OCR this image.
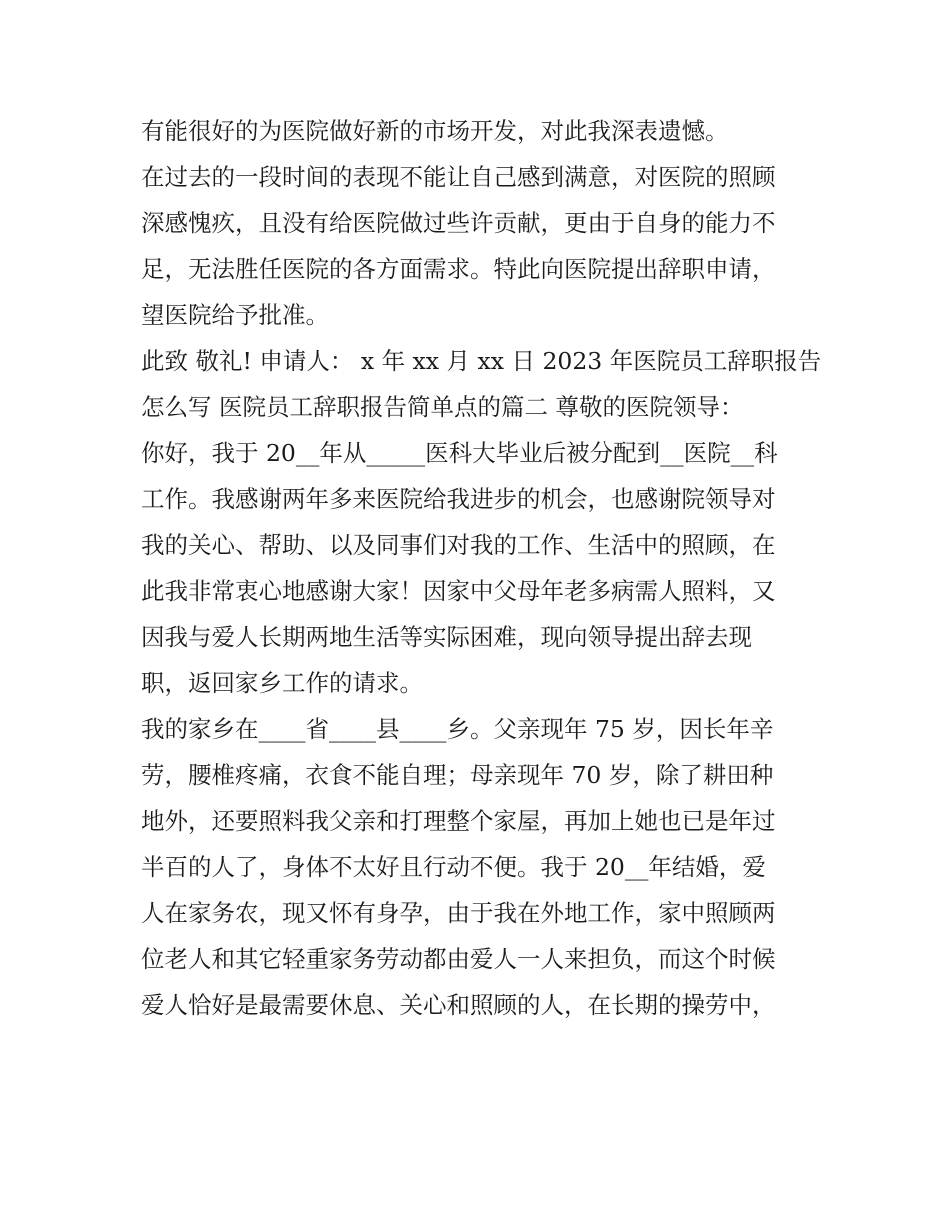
有能很好的为医院做好新的市场开发，对此我深表遗憾。

在过去的一段时间的表现不能让自己感到满意，对医院的照顾
深感愧疚，且没有给医院做过些许贡献，更由于自身的能力不
足，无法胜任医院的各方面需求。特此向医院提出辞职申请，
望医院给予批准。

此致 敬礼! 申请人： x 年 xx 月 xx 日 2023 年医院员工辞职报告
怎么写 医院员工辞职报告简单点的篇二 尊敬的医院领导：

你好，我于 20__年从_____医科大毕业后被分配到__医院__科
工作。我感谢两年多来医院给我进步的机会，也感谢院领导对
我的关心、帮助、以及同事们对我的工作、生活中的照顾，在
此我非常衷心地感谢大家！因家中父母年老多病需人照料，又
因我与爱人长期两地生活等实际困难，现向领导提出辞去现
职，返回家乡工作的请求。

我的家乡在____省____县____乡。父亲现年 75 岁，因长年辛
劳，腰椎疼痛，衣食不能自理；母亲现年 70 岁，除了耕田种
地外，还要照料我父亲和打理整个家屋，再加上她也已是年过
半百的人了，身体不太好且行动不便。我于 20__年结婚，爱
人在家务农，现又怀有身孕，由于我在外地工作，家中照顾两
位老人和其它轻重家务劳动都由爱人一人来担负，而这个时候
爱人恰好是最需要休息、关心和照顾的人，在长期的操劳中，
